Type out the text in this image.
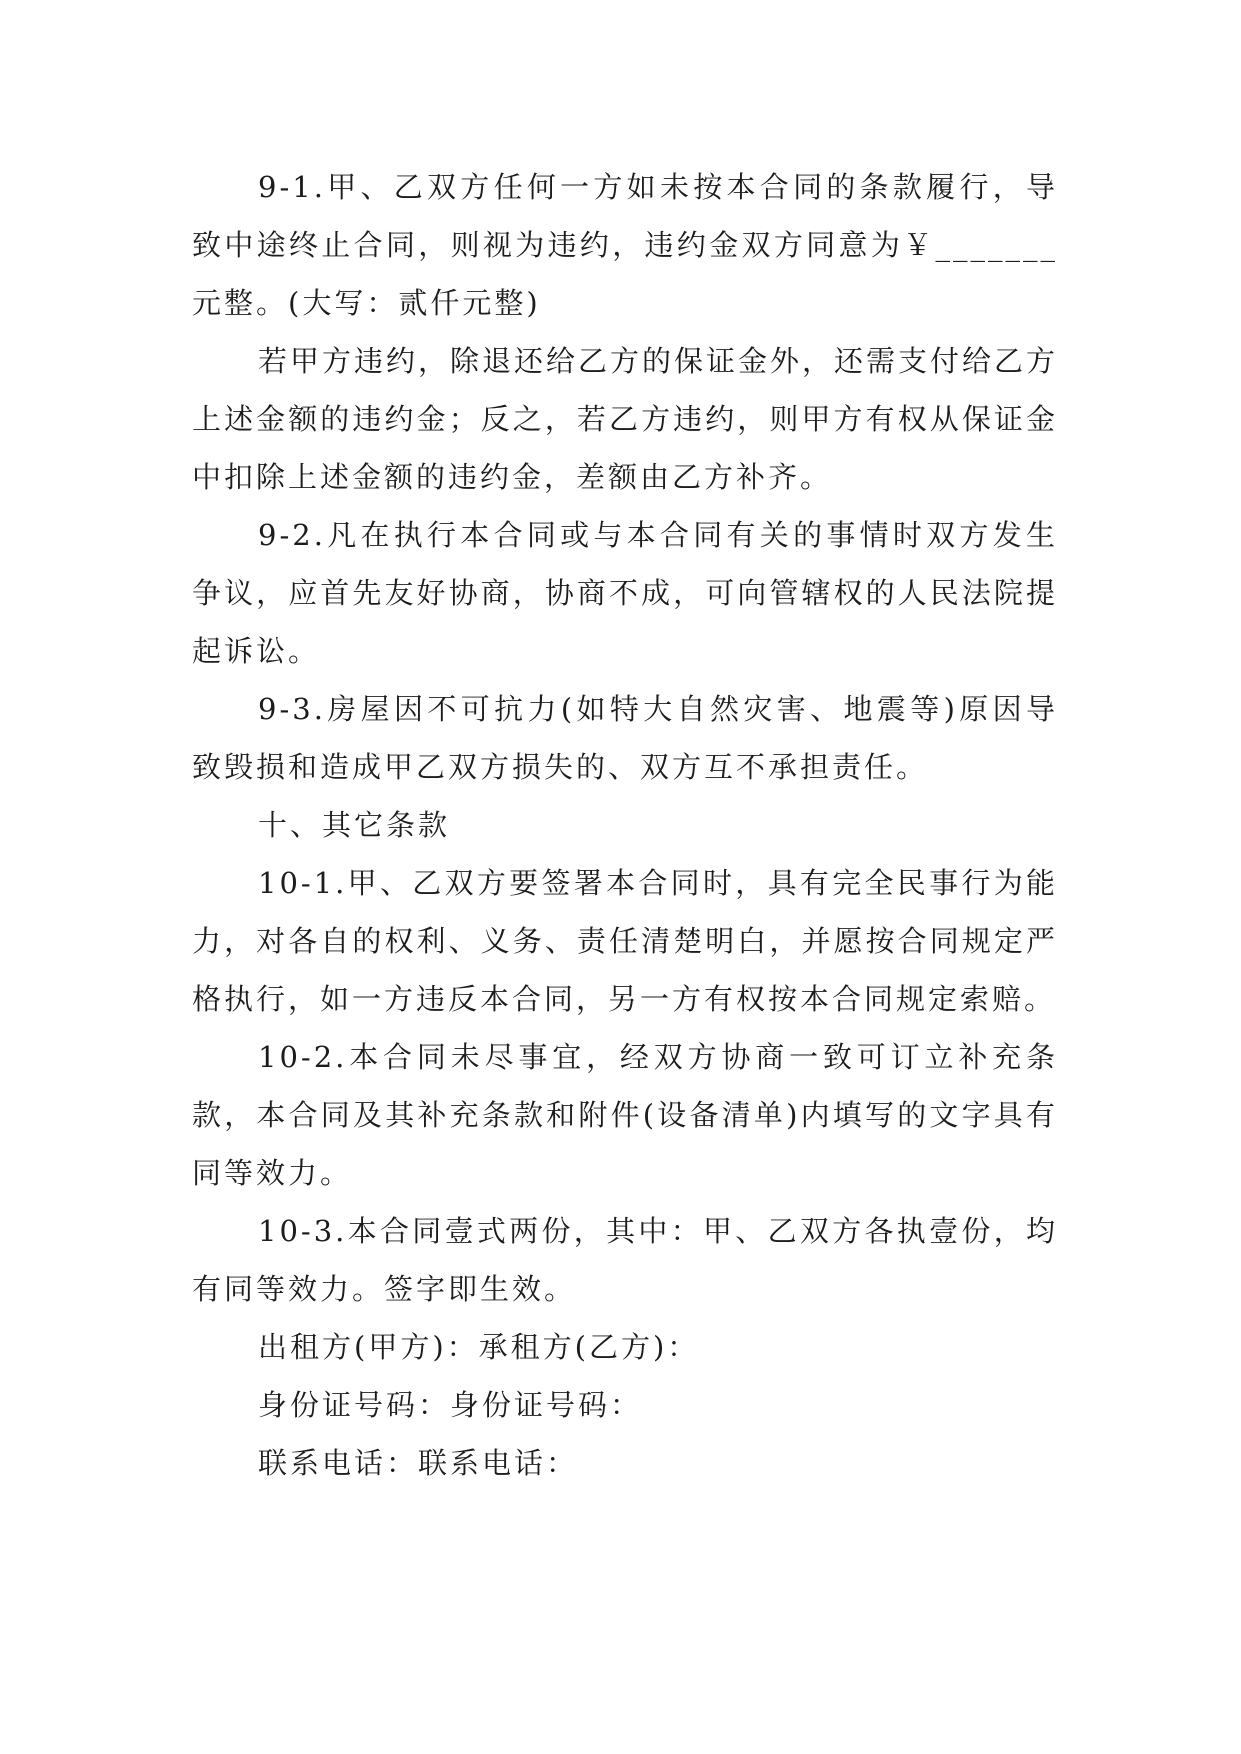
9-1.甲、乙双方任何一方如未按本合同的条款履行，导致中途终止合同，则视为违约，违约金双方同意为￥_______元整。(大写：贰仟元整)

若甲方违约，除退还给乙方的保证金外，还需支付给乙方上述金额的违约金；反之，若乙方违约，则甲方有权从保证金中扣除上述金额的违约金，差额由乙方补齐。

9-2.凡在执行本合同或与本合同有关的事情时双方发生争议，应首先友好协商，协商不成，可向管辖权的人民法院提起诉讼。

9-3.房屋因不可抗力(如特大自然灾害、地震等)原因导致毁损和造成甲乙双方损失的、双方互不承担责任。

十、其它条款

10-1.甲、乙双方要签署本合同时，具有完全民事行为能力，对各自的权利、义务、责任清楚明白，并愿按合同规定严格执行，如一方违反本合同，另一方有权按本合同规定索赔。

10-2.本合同未尽事宜，经双方协商一致可订立补充条款，本合同及其补充条款和附件(设备清单)内填写的文字具有同等效力。

10-3.本合同壹式两份，其中：甲、乙双方各执壹份，均有同等效力。签字即生效。

出租方(甲方)：承租方(乙方)：

身份证号码：身份证号码：

联系电话：联系电话：
